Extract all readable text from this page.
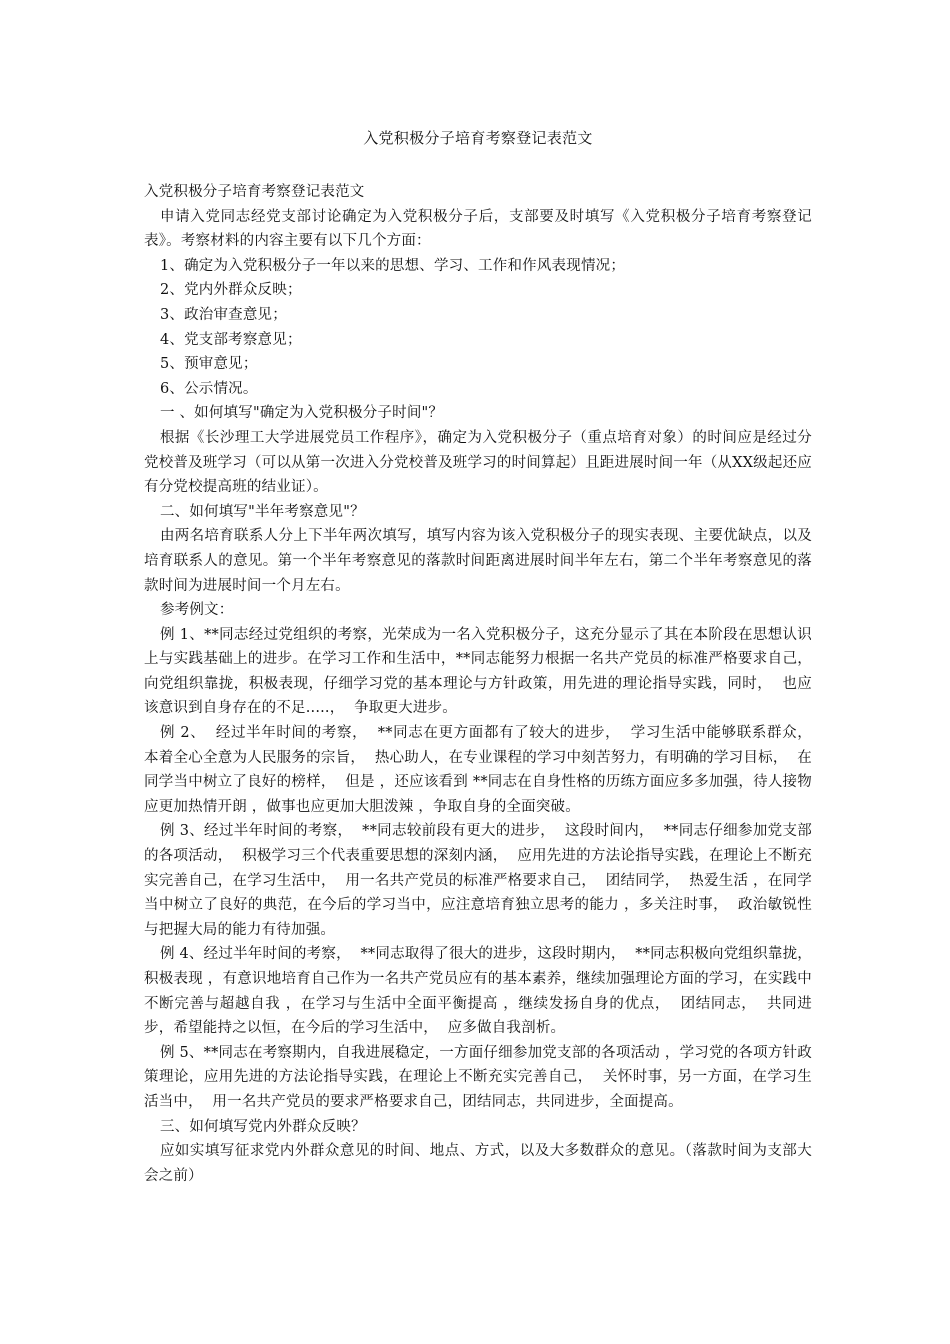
入党积极分子培育考察登记表范文

入党积极分子培育考察登记表范文

申请入党同志经党支部讨论确定为入党积极分子后，支部要及时填写《入党积极分子培育考察登记表》。考察材料的内容主要有以下几个方面：

1、确定为入党积极分子一年以来的思想、学习、工作和作风表现情况；

2、党内外群众反映；

3、政治审查意见；

4、党支部考察意见；

5、预审意见；

6、公示情况。

一 、如何填写"确定为入党积极分子时间"？

根据《长沙理工大学进展党员工作程序》，确定为入党积极分子（重点培育对象）的时间应是经过分党校普及班学习（可以从第一次进入分党校普及班学习的时间算起）且距进展时间一年（从XX级起还应有分党校提高班的结业证）。

二、如何填写"半年考察意见"？

由两名培育联系人分上下半年两次填写，填写内容为该入党积极分子的现实表现、主要优缺点，以及培育联系人的意见。第一个半年考察意见的落款时间距离进展时间半年左右，第二个半年考察意见的落款时间为进展时间一个月左右。

参考例文：

例 1、**同志经过党组织的考察，光荣成为一名入党积极分子，这充分显示了其在本阶段在思想认识上与实践基础上的进步。在学习工作和生活中，**同志能努力根据一名共产党员的标准严格要求自己，向党组织靠拢，积极表现，仔细学习党的基本理论与方针政策，用先进的理论指导实践，同时，  也应该意识到自身存在的不足.....，  争取更大进步。

例 2、  经过半年时间的考察，  **同志在更方面都有了较大的进步，  学习生活中能够联系群众，  本着全心全意为人民服务的宗旨，  热心助人，在专业课程的学习中刻苦努力，有明确的学习目标，  在同学当中树立了良好的榜样，  但是 ，还应该看到 **同志在自身性格的历练方面应多多加强，待人接物应更加热情开朗 ，做事也应更加大胆泼辣 ，争取自身的全面突破。

例 3、经过半年时间的考察，  **同志较前段有更大的进步，  这段时间内，  **同志仔细参加党支部的各项活动，  积极学习三个代表重要思想的深刻内涵，  应用先进的方法论指导实践，在理论上不断充实完善自己，在学习生活中，  用一名共产党员的标准严格要求自己，  团结同学，  热爱生活 ，在同学当中树立了良好的典范，在今后的学习当中，应注意培育独立思考的能力 ，多关注时事，  政治敏锐性与把握大局的能力有待加强。

例 4、经过半年时间的考察，  **同志取得了很大的进步，这段时期内，  **同志积极向党组织靠拢，  积极表现 ，有意识地培育自己作为一名共产党员应有的基本素养，继续加强理论方面的学习，在实践中不断完善与超越自我 ，在学习与生活中全面平衡提高 ，继续发扬自身的优点，  团结同志，  共同进步，希望能持之以恒，在今后的学习生活中，  应多做自我剖析。

例 5、**同志在考察期内，自我进展稳定，一方面仔细参加党支部的各项活动 ，学习党的各项方针政策理论，应用先进的方法论指导实践，在理论上不断充实完善自己，  关怀时事，另一方面，在学习生活当中，  用一名共产党员的要求严格要求自己，团结同志，共同进步，全面提高。

三、如何填写党内外群众反映？

应如实填写征求党内外群众意见的时间、地点、方式，以及大多数群众的意见。（落款时间为支部大会之前）
